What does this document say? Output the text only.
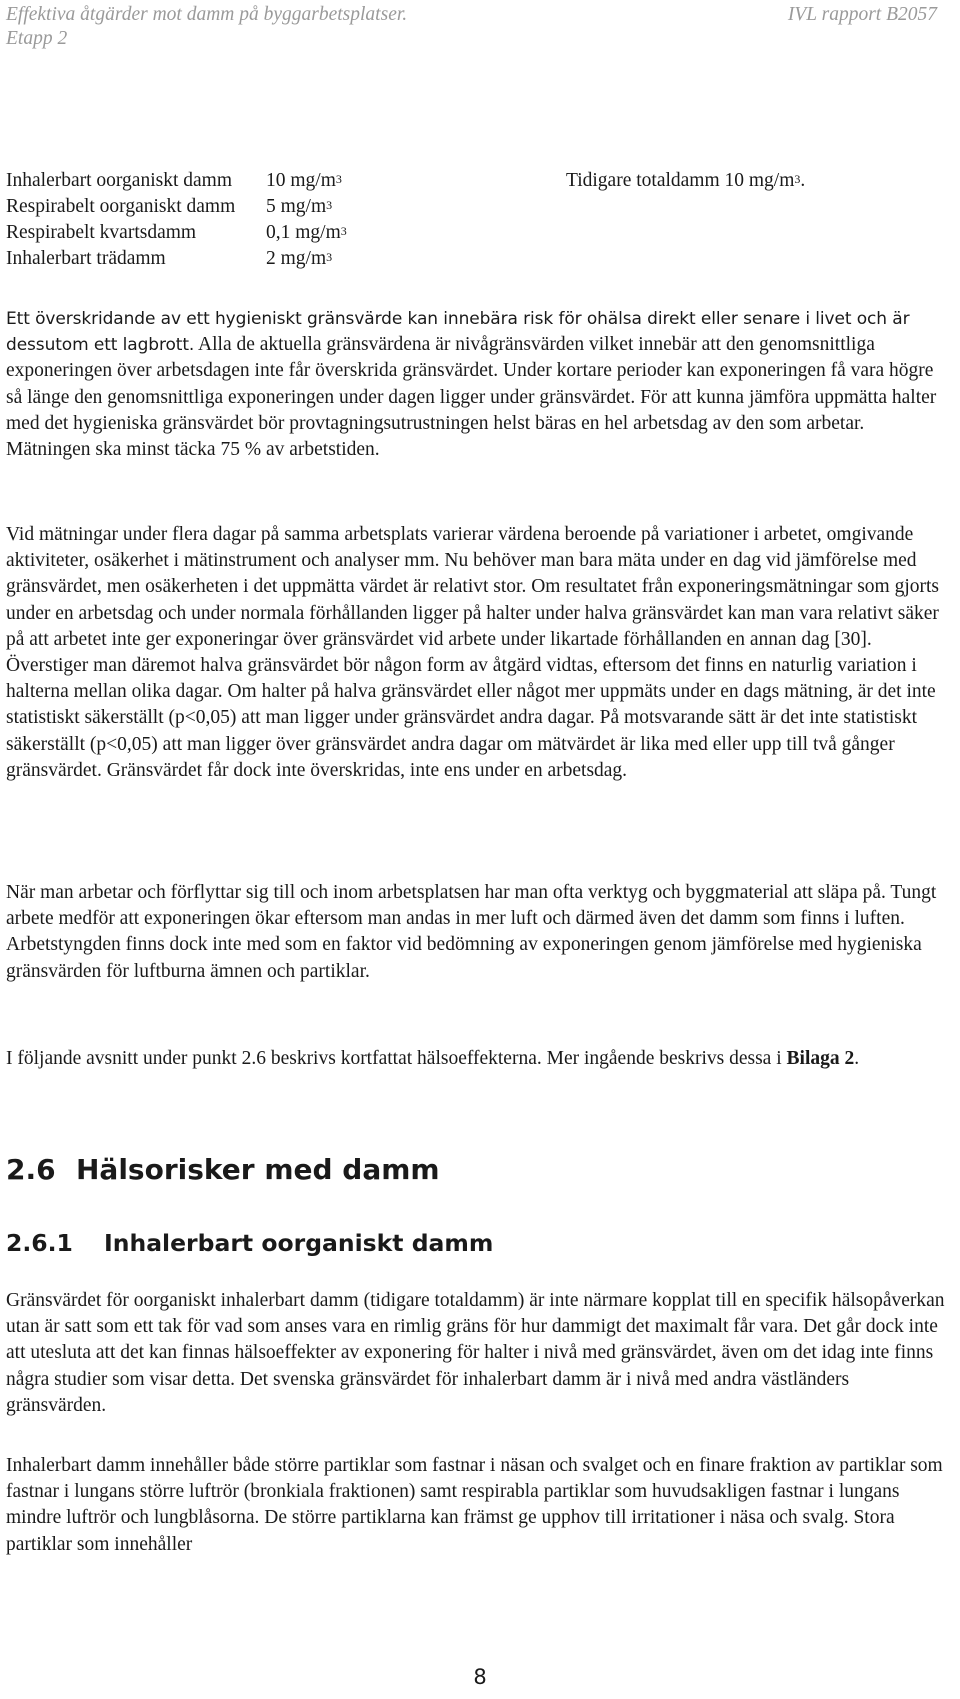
Effektiva åtgärder mot damm på byggarbetsplatser.
Etapp 2
IVL rapport B2057
Inhalerbart oorganiskt damm	10 $mg/m^3$	Tidigare totaldamm 10 $mg/m^3$.
Respirabelt oorganiskt damm	5 $mg/m^3$
Respirabelt kvartsdamm	0,1 $mg/m^3$
Inhalerbart trädamm	2 $mg/m^3$

Ett överskridande av ett hygieniskt gränsvärde kan innebära risk för ohälsa direkt eller senare i livet och är dessutom ett lagbrott. Alla de aktuella gränsvärdena är nivågränsvärden vilket innebär att den genomsnittliga exponeringen över arbetsdagen inte får överskrida gränsvärdet. Under kortare perioder kan exponeringen få vara högre så länge den genomsnittliga exponeringen under dagen ligger under gränsvärdet. För att kunna jämföra uppmätta halter med det hygieniska gränsvärdet bör provtagningsutrustningen helst bäras en hel arbetsdag av den som arbetar. Mätningen ska minst täcka 75 % av arbetstiden.

Vid mätningar under flera dagar på samma arbetsplats varierar värdena beroende på variationer i arbetet, omgivande aktiviteter, osäkerhet i mätinstrument och analyser mm. Nu behöver man bara mäta under en dag vid jämförelse med gränsvärdet, men osäkerheten i det uppmätta värdet är relativt stor. Om resultatet från exponeringsmätningar som gjorts under en arbetsdag och under normala förhållanden ligger på halter under halva gränsvärdet kan man vara relativt säker på att arbetet inte ger exponeringar över gränsvärdet vid arbete under likartade förhållanden en annan dag [30]. Överstiger man däremot halva gränsvärdet bör någon form av åtgärd vidtas, eftersom det finns en naturlig variation i halterna mellan olika dagar. Om halter på halva gränsvärdet eller något mer uppmäts under en dags mätning, är det inte statistiskt säkerställt (p<0,05) att man ligger under gränsvärdet andra dagar. På motsvarande sätt är det inte statistiskt säkerställt (p<0,05) att man ligger över gränsvärdet andra dagar om mätvärdet är lika med eller upp till två gånger gränsvärdet. Gränsvärdet får dock inte överskridas, inte ens under en arbetsdag.

När man arbetar och förflyttar sig till och inom arbetsplatsen har man ofta verktyg och byggmaterial att släpa på. Tungt arbete medför att exponeringen ökar eftersom man andas in mer luft och därmed även det damm som finns i luften. Arbetstyngden finns dock inte med som en faktor vid bedömning av exponeringen genom jämförelse med hygieniska gränsvärden för luftburna ämnen och partiklar.

I följande avsnitt under punkt 2.6 beskrivs kortfattat hälsoeffekterna. Mer ingående beskrivs dessa i Bilaga 2.

2.6 Hälsorisker med damm
2.6.1 Inhalerbart oorganiskt damm

Gränsvärdet för oorganiskt inhalerbart damm (tidigare totaldamm) är inte närmare kopplat till en specifik hälsopåverkan utan är satt som ett tak för vad som anses vara en rimlig gräns för hur dammigt det maximalt får vara. Det går dock inte att utesluta att det kan finnas hälsoeffekter av exponering för halter i nivå med gränsvärdet, även om det idag inte finns några studier som visar detta. Det svenska gränsvärdet för inhalerbart damm är i nivå med andra västländers gränsvärden.

Inhalerbart damm innehåller både större partiklar som fastnar i näsan och svalget och en finare fraktion av partiklar som fastnar i lungans större luftrör (bronkiala fraktionen) samt respirabla partiklar som huvudsakligen fastnar i lungans mindre luftrör och lungblåsorna. De större partiklarna kan främst ge upphov till irritationer i näsa och svalg. Stora partiklar som innehåller

8
